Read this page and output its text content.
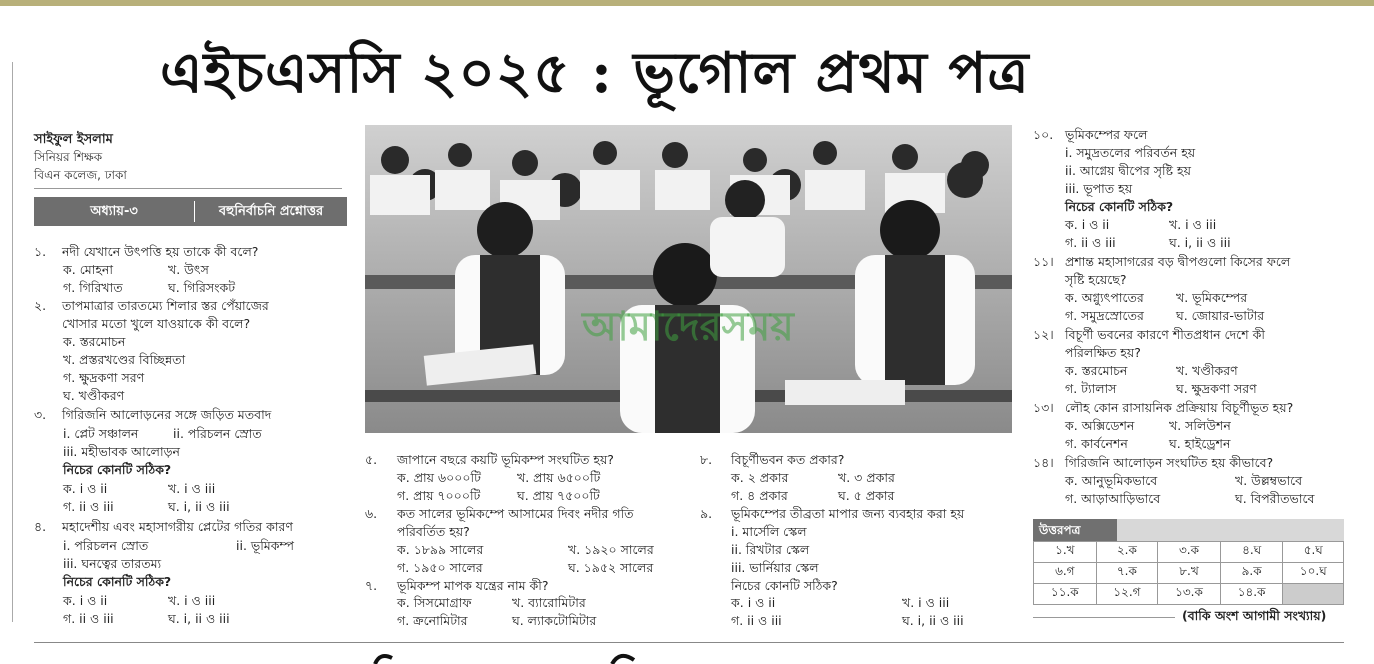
এইচএসসি ২০২৫ : ভূগোল প্রথম পত্র
সাইফুল ইসলাম
সিনিয়র শিক্ষক
বিএন কলেজ, ঢাকা
অধ্যায়-৩	বহুনির্বাচনি প্রশ্নোত্তর
১. নদী যেখানে উৎপত্তি হয় তাকে কী বলে?
ক. মোহনা	খ. উৎস
গ. গিরিখাত	ঘ. গিরিসংকট
২. তাপমাত্রার তারতম্যে শিলার স্তর পেঁয়াজের
খোসার মতো খুলে যাওয়াকে কী বলে?
ক. স্তরমোচন
খ. প্রস্তরখণ্ডের বিচ্ছিন্নতা
গ. ক্ষুদ্রকণা সরণ
ঘ. খণ্ডীকরণ
৩. গিরিজনি আলোড়নের সঙ্গে জড়িত মতবাদ
i. প্লেট সঞ্চালন	ii. পরিচলন স্রোত
iii. মহীভাবক আলোড়ন
নিচের কোনটি সঠিক?
ক. i ও ii	খ. i ও iii
গ. ii ও iii	ঘ. i, ii ও iii
৪. মহাদেশীয় এবং মহাসাগরীয় প্লেটের গতির কারণ
i. পরিচলন স্রোত	ii. ভূমিকম্প
iii. ঘনত্বের তারতম্য
নিচের কোনটি সঠিক?
ক. i ও ii	খ. i ও iii
গ. ii ও iii	ঘ. i, ii ও iii
আমাদেরসময়
৫. জাপানে বছরে কয়টি ভূমিকম্প সংঘটিত হয়?
ক. প্রায় ৬০০০টি	খ. প্রায় ৬৫০০টি
গ. প্রায় ৭০০০টি	ঘ. প্রায় ৭৫০০টি
৬. কত সালের ভূমিকম্পে আসামের দিবং নদীর গতি
পরিবর্তিত হয়?
ক. ১৮৯৯ সালের	খ. ১৯২০ সালের
গ. ১৯৫০ সালের	ঘ. ১৯৫২ সালের
৭. ভূমিকম্প মাপক যন্ত্রের নাম কী?
ক. সিসমোগ্রাফ	খ. ব্যারোমিটার
গ. ক্রনোমিটার	ঘ. ল্যাকটোমিটার
৮. বিচূর্ণীভবন কত প্রকার?
ক. ২ প্রকার	খ. ৩ প্রকার
গ. ৪ প্রকার	ঘ. ৫ প্রকার
৯. ভূমিকম্পের তীব্রতা মাপার জন্য ব্যবহার করা হয়
i. মার্সেলি স্কেল
ii. রিখটার স্কেল
iii. ভার্নিয়ার স্কেল
নিচের কোনটি সঠিক?
ক. i ও ii	খ. i ও iii
গ. ii ও iii	ঘ. i, ii ও iii
১০. ভূমিকম্পের ফলে
i. সমুদ্রতলের পরিবর্তন হয়
ii. আগ্নেয় দ্বীপের সৃষ্টি হয়
iii. ভূপাত হয়
নিচের কোনটি সঠিক?
ক. i ও ii	খ. i ও iii
গ. ii ও iii	ঘ. i, ii ও iii
১১। প্রশান্ত মহাসাগরের বড় দ্বীপগুলো কিসের ফলে
সৃষ্টি হয়েছে?
ক. অগ্ন্যুৎপাতের	খ. ভূমিকম্পের
গ. সমুদ্রস্রোতের	ঘ. জোয়ার-ভাটার
১২। বিচূর্ণী ভবনের কারণে শীতপ্রধান দেশে কী
পরিলক্ষিত হয়?
ক. স্তরমোচন	খ. খণ্ডীকরণ
গ. ট্যালাস	ঘ. ক্ষুদ্রকণা সরণ
১৩। লৌহ কোন রাসায়নিক প্রক্রিয়ায় বিচূর্ণীভূত হয়?
ক. অক্সিডেশন	খ. সলিউশন
গ. কার্বনেশন	ঘ. হাইড্রেশন
১৪। গিরিজনি আলোড়ন সংঘটিত হয় কীভাবে?
ক. আনুভূমিকভাবে	খ. উল্লম্বভাবে
গ. আড়াআড়িভাবে	ঘ. বিপরীতভাবে
উত্তরপত্র
১.খ	২.ক	৩.ক	৪.ঘ	৫.ঘ
৬.গ	৭.ক	৮.খ	৯.ক	১০.ঘ
১১.ক	১২.গ	১৩.ক	১৪.ক	
(বাকি অংশ আগামী সংখ্যায়)
